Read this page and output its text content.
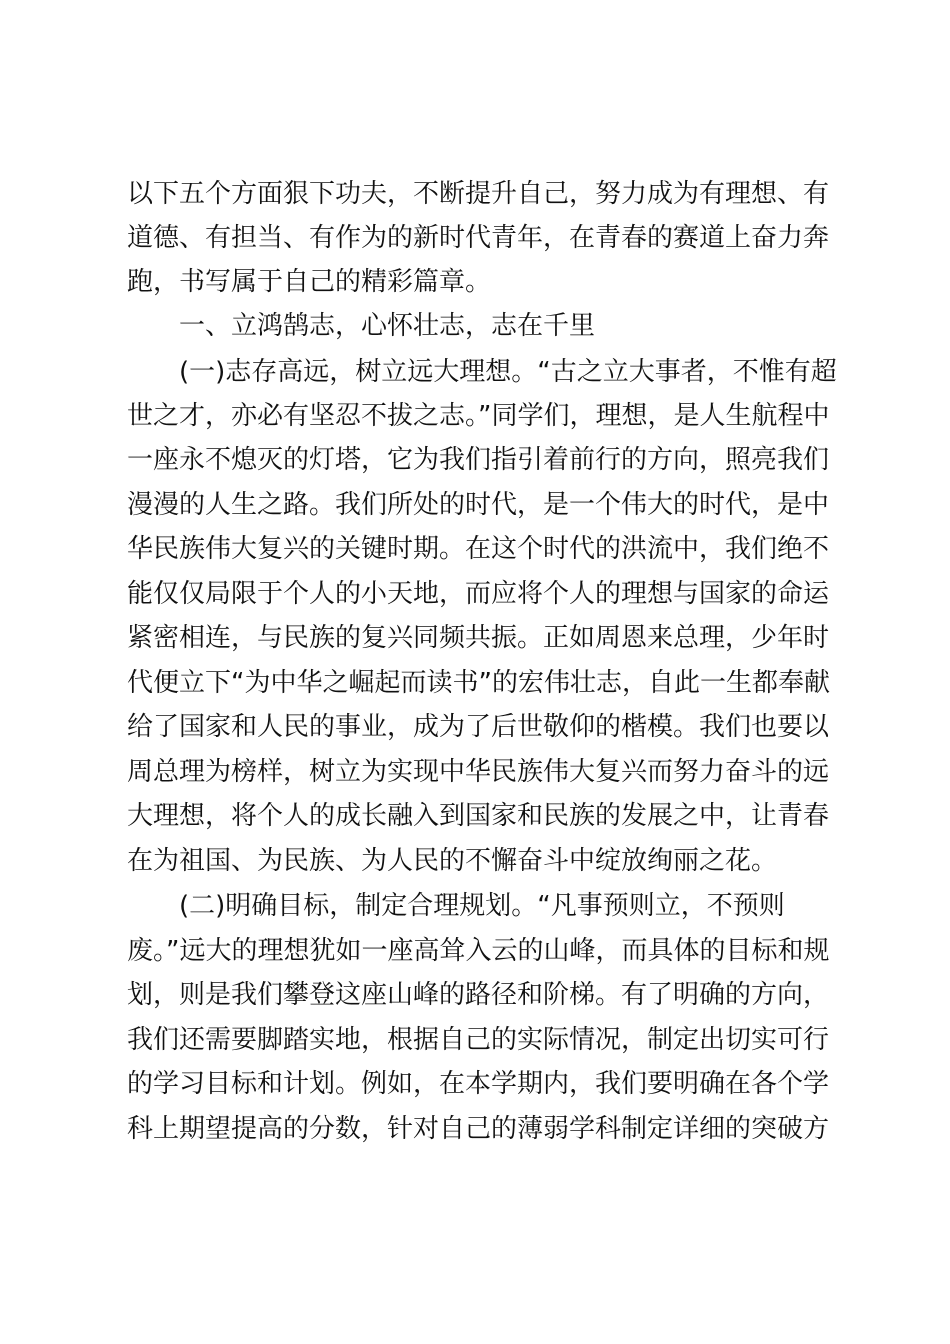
以下五个方面狠下功夫，不断提升自己，努力成为有理想、有
道德、有担当、有作为的新时代青年，在青春的赛道上奋力奔
跑，书写属于自己的精彩篇章。
一、立鸿鹄志，心怀壮志，志在千里
(一)志存高远，树立远大理想。“古之立大事者，不惟有超
世之才，亦必有坚忍不拔之志。”同学们，理想，是人生航程中
一座永不熄灭的灯塔，它为我们指引着前行的方向，照亮我们
漫漫的人生之路。我们所处的时代，是一个伟大的时代，是中
华民族伟大复兴的关键时期。在这个时代的洪流中，我们绝不
能仅仅局限于个人的小天地，而应将个人的理想与国家的命运
紧密相连，与民族的复兴同频共振。正如周恩来总理，少年时
代便立下“为中华之崛起而读书”的宏伟壮志，自此一生都奉献
给了国家和人民的事业，成为了后世敬仰的楷模。我们也要以
周总理为榜样，树立为实现中华民族伟大复兴而努力奋斗的远
大理想，将个人的成长融入到国家和民族的发展之中，让青春
在为祖国、为民族、为人民的不懈奋斗中绽放绚丽之花。
(二)明确目标，制定合理规划。“凡事预则立，不预则
废。”远大的理想犹如一座高耸入云的山峰，而具体的目标和规
划，则是我们攀登这座山峰的路径和阶梯。有了明确的方向，
我们还需要脚踏实地，根据自己的实际情况，制定出切实可行
的学习目标和计划。例如，在本学期内，我们要明确在各个学
科上期望提高的分数，针对自己的薄弱学科制定详细的突破方
